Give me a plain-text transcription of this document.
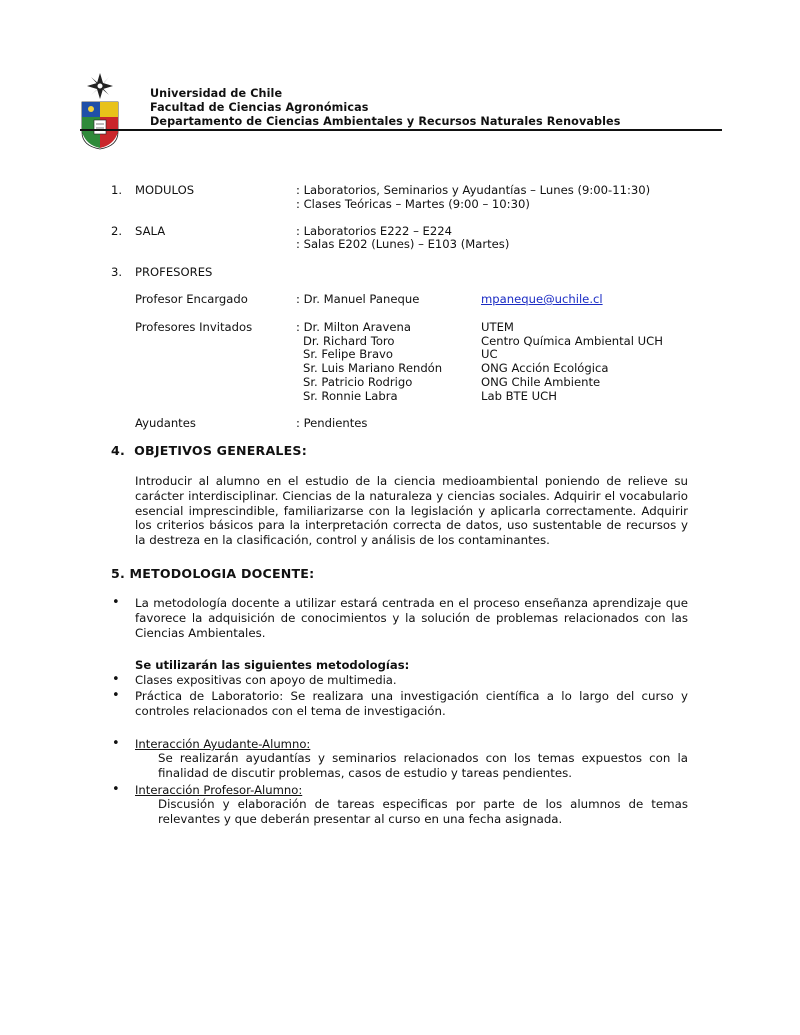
Universidad de Chile
Facultad de Ciencias Agronómicas
Departamento de Ciencias Ambientales y Recursos Naturales Renovables
1. MODULOS	: Laboratorios, Seminarios y Ayudantías – Lunes (9:00-11:30)
: Clases Teóricas – Martes (9:00 – 10:30)
2. SALA	: Laboratorios E222 – E224
: Salas E202 (Lunes) – E103 (Martes)
3. PROFESORES
Profesor Encargado	: Dr. Manuel Paneque	mpaneque@uchile.cl
Profesores Invitados	: Dr. Milton Aravena	UTEM
Dr. Richard Toro	Centro Química Ambiental UCH
Sr. Felipe Bravo	UC
Sr. Luis Mariano Rendón	ONG Acción Ecológica
Sr. Patricio Rodrigo	ONG Chile Ambiente
Sr. Ronnie Labra	Lab BTE UCH
Ayudantes	: Pendientes
4.  OBJETIVOS GENERALES:
Introducir al alumno en el estudio de la ciencia medioambiental poniendo de relieve su carácter interdisciplinar. Ciencias de la naturaleza y ciencias sociales. Adquirir el vocabulario esencial imprescindible, familiarizarse con la legislación y aplicarla correctamente. Adquirir los criterios básicos para la interpretación correcta de datos, uso sustentable de recursos y la destreza en la clasificación, control y análisis de los contaminantes.
5. METODOLOGIA DOCENTE:
• La metodología docente a utilizar estará centrada en el proceso enseñanza aprendizaje que favorece la adquisición de conocimientos y la solución de problemas relacionados con las Ciencias Ambientales.
Se utilizarán las siguientes metodologías:
• Clases expositivas con apoyo de multimedia.
• Práctica de Laboratorio: Se realizara una investigación científica a lo largo del curso y controles relacionados con el tema de investigación.
• Interacción Ayudante-Alumno:
Se realizarán ayudantías y seminarios relacionados con los temas expuestos con la finalidad de discutir problemas, casos de estudio y tareas pendientes.
• Interacción Profesor-Alumno:
Discusión y elaboración de tareas especificas por parte de los alumnos de temas relevantes y que deberán presentar al curso en una fecha asignada.
